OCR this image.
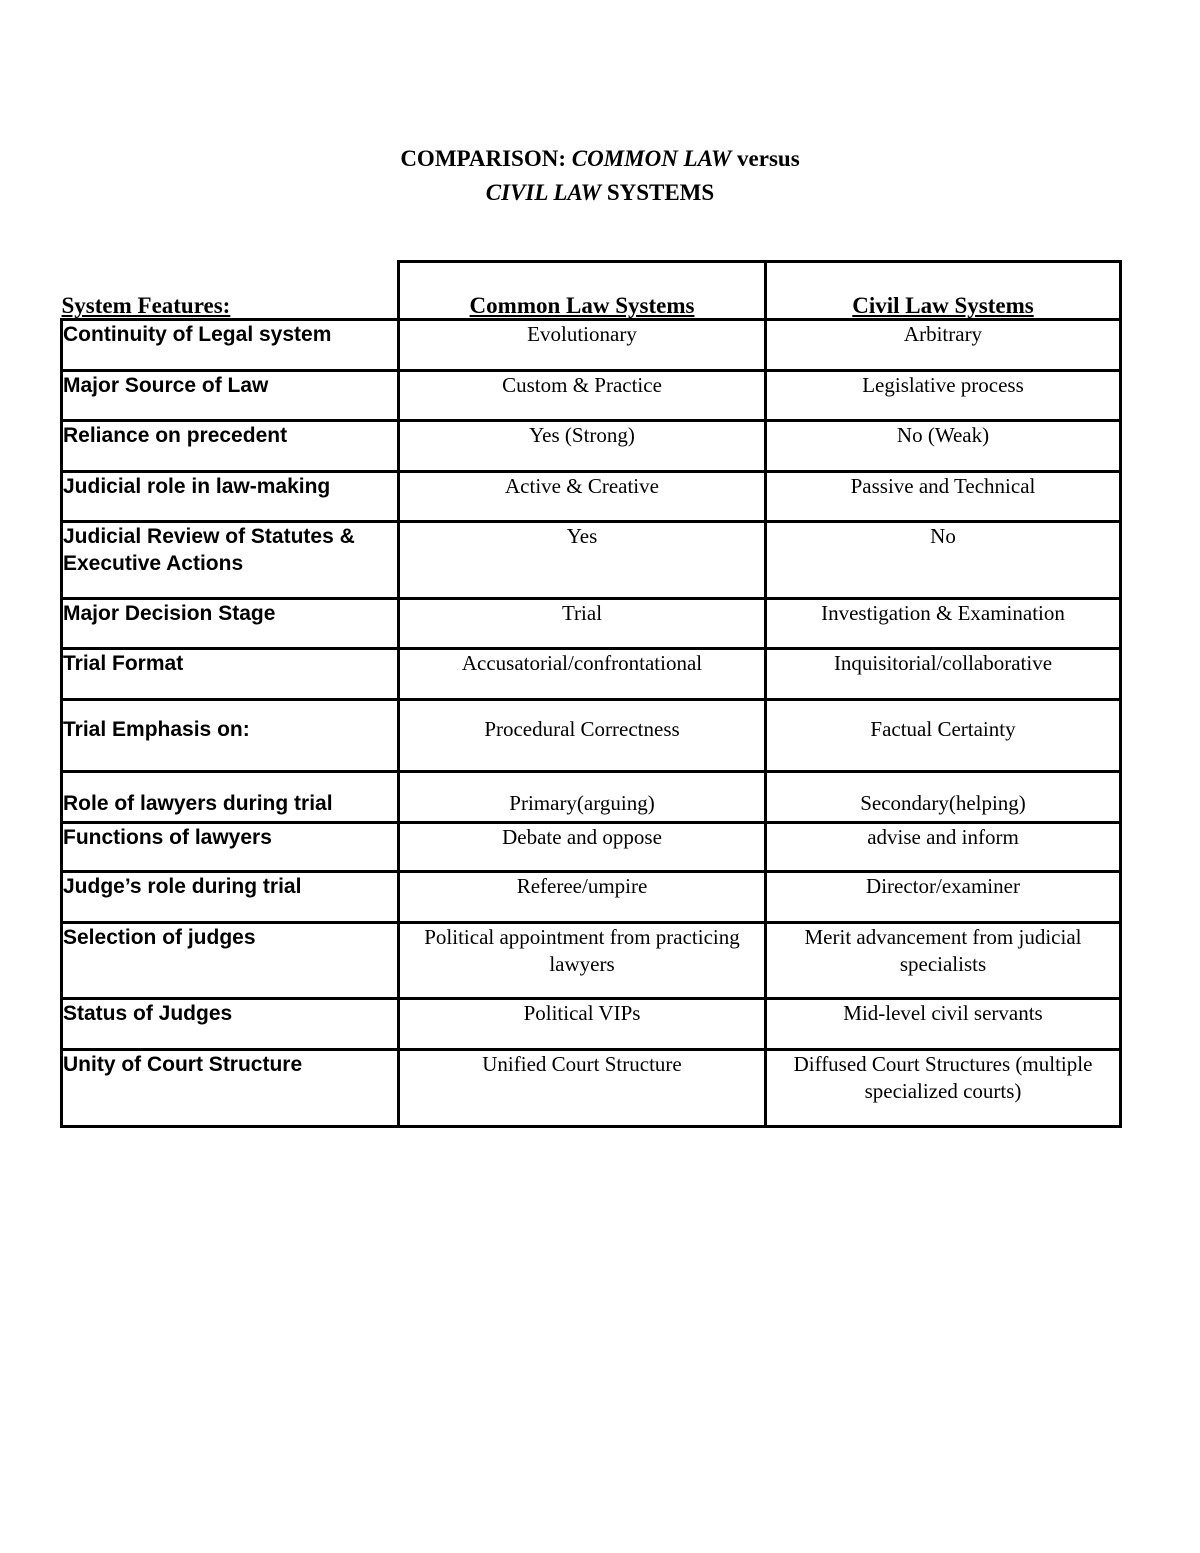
COMPARISON: COMMON LAW versus
CIVIL LAW SYSTEMS
System Features:	Common Law Systems	Civil Law Systems
Continuity of Legal system	Evolutionary	Arbitrary
Major Source of Law	Custom & Practice	Legislative process
Reliance on precedent	Yes (Strong)	No (Weak)
Judicial role in law-making	Active & Creative	Passive and Technical
Judicial Review of Statutes & Executive Actions	Yes	No
Major Decision Stage	Trial	Investigation & Examination
Trial Format	Accusatorial/confrontational	Inquisitorial/collaborative
Trial Emphasis on:	Procedural Correctness	Factual Certainty
Role of lawyers during trial	Primary(arguing)	Secondary(helping)
Functions of lawyers	Debate and oppose	advise and inform
Judge’s role during trial	Referee/umpire	Director/examiner
Selection of judges	Political appointment from practicing lawyers	Merit advancement from judicial specialists
Status of Judges	Political VIPs	Mid-level civil servants
Unity of Court Structure	Unified Court Structure	Diffused Court Structures (multiple specialized courts)
